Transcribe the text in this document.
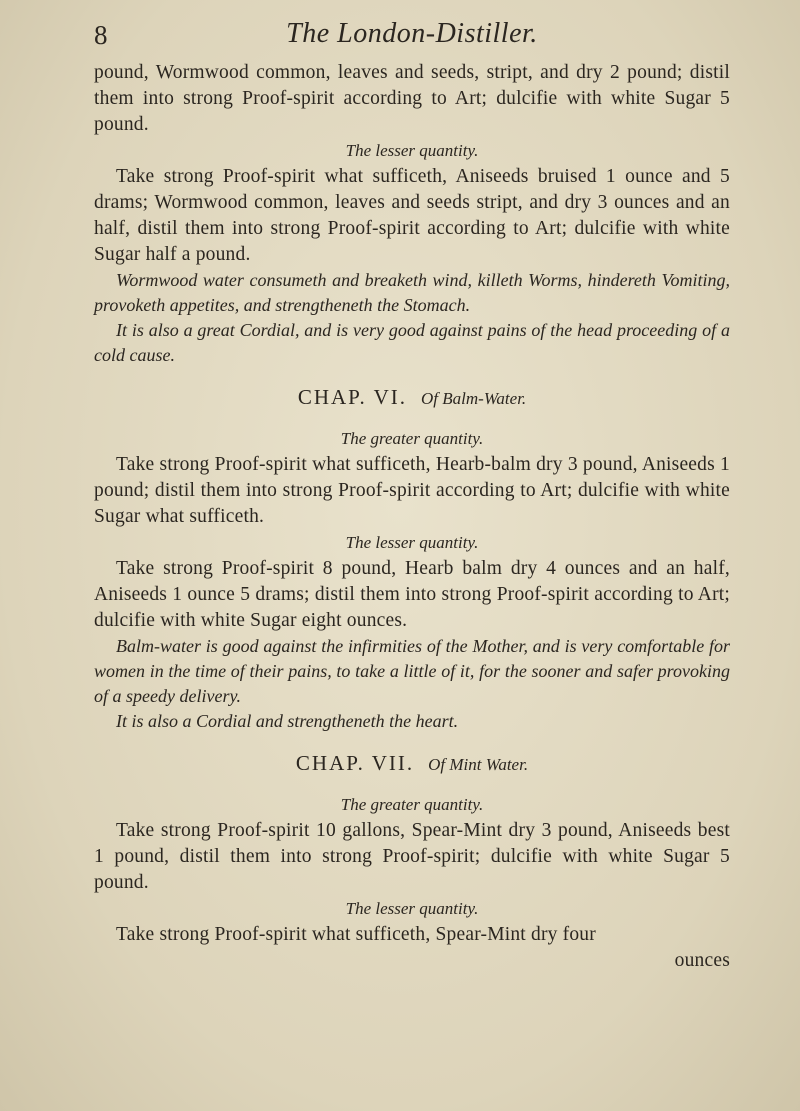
8	The London-Distiller.

pound, Wormwood common, leaves and seeds, stript, and dry 2 pound; distil them into strong Proof-spirit according to Art; dulcifie with white Sugar 5 pound.

The lesser quantity.

Take strong Proof-spirit what sufficeth, Aniseeds bruised 1 ounce and 5 drams; Wormwood common, leaves and seeds stript, and dry 3 ounces and an half, distil them into strong Proof-spirit according to Art; dulcifie with white Sugar half a pound.

Wormwood water consumeth and breaketh wind, killeth Worms, hindereth Vomiting, provoketh appetites, and strengtheneth the Stomach.

It is also a great Cordial, and is very good against pains of the head proceeding of a cold cause.

CHAP. VI. Of Balm-Water.

The greater quantity.

Take strong Proof-spirit what sufficeth, Hearb-balm dry 3 pound, Aniseeds 1 pound; distil them into strong Proof-spirit according to Art; dulcifie with white Sugar what sufficeth.

The lesser quantity.

Take strong Proof-spirit 8 pound, Hearb balm dry 4 ounces and an half, Aniseeds 1 ounce 5 drams; distil them into strong Proof-spirit according to Art; dulcifie with white Sugar eight ounces.

Balm-water is good against the infirmities of the Mother, and is very comfortable for women in the time of their pains, to take a little of it, for the sooner and safer provoking of a speedy delivery.

It is also a Cordial and strengtheneth the heart.

CHAP. VII. Of Mint Water.

The greater quantity.

Take strong Proof-spirit 10 gallons, Spear-Mint dry 3 pound, Aniseeds best 1 pound, distil them into strong Proof-spirit; dulcifie with white Sugar 5 pound.

The lesser quantity.

Take strong Proof-spirit what sufficeth, Spear-Mint dry four

ounces
